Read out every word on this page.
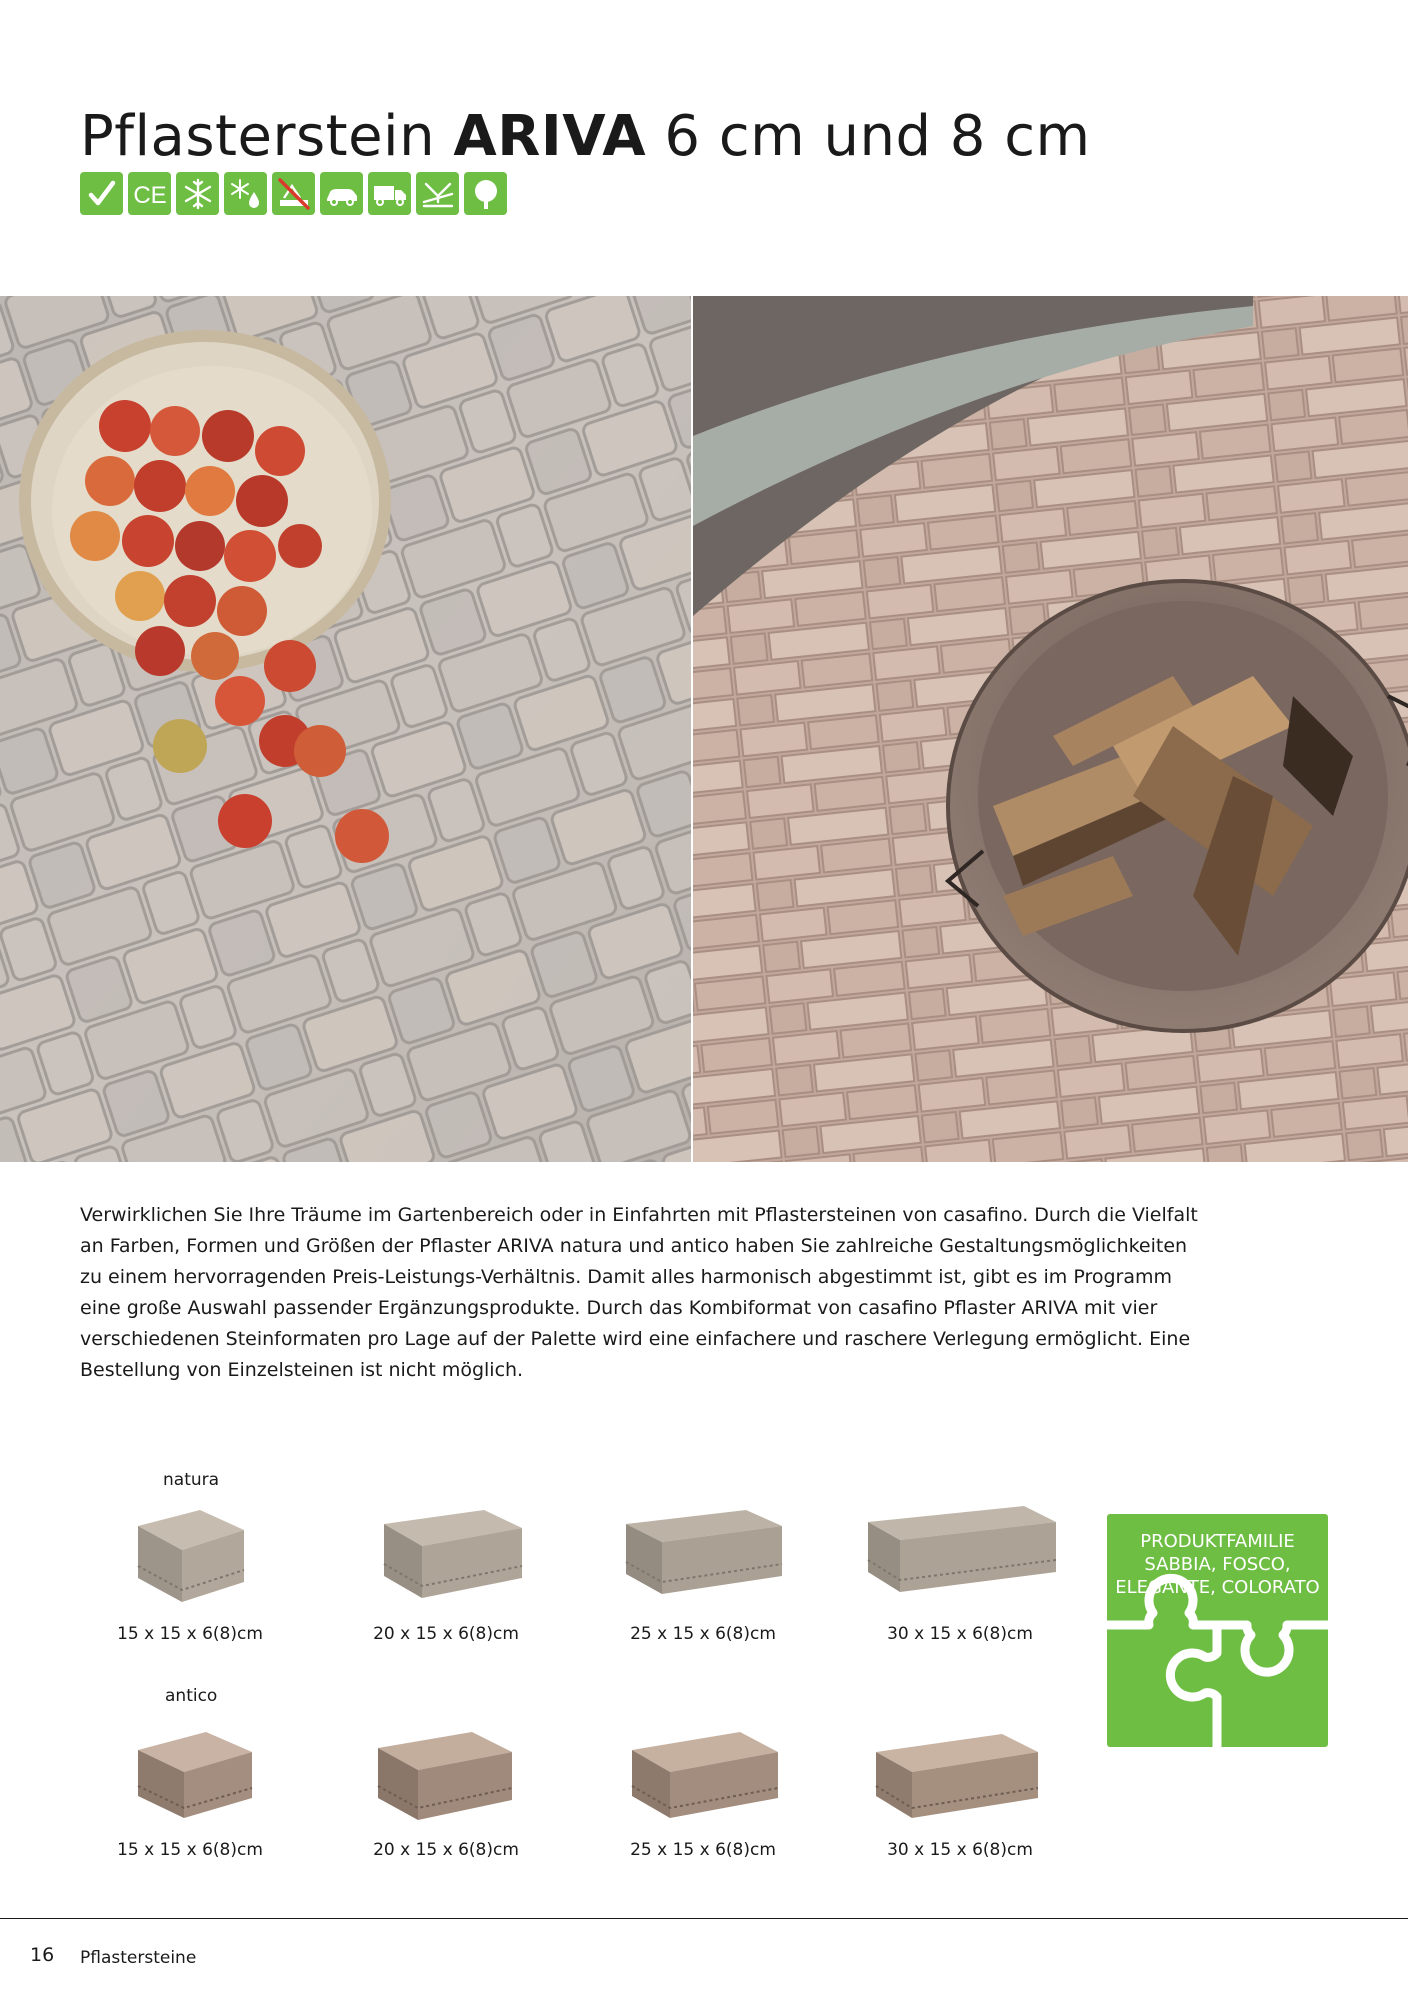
Pflasterstein ARIVA 6 cm und 8 cm
CE

Verwirklichen Sie Ihre Träume im Gartenbereich oder in Einfahrten mit Pflastersteinen von casafino. Durch die Vielfalt an Farben, Formen und Größen der Pflaster ARIVA natura und antico haben Sie zahlreiche Gestaltungsmöglichkeiten zu einem hervorragenden Preis-Leistungs-Verhältnis. Damit alles harmonisch abgestimmt ist, gibt es im Programm eine große Auswahl passender Ergänzungsprodukte. Durch das Kombiformat von casafino Pflaster ARIVA mit vier verschiedenen Steinformaten pro Lage auf der Palette wird eine einfachere und raschere Verlegung ermöglicht. Eine Bestellung von Einzelsteinen ist nicht möglich.

natura
15 x 15 x 6(8)cm	20 x 15 x 6(8)cm	25 x 15 x 6(8)cm	30 x 15 x 6(8)cm
antico
15 x 15 x 6(8)cm	20 x 15 x 6(8)cm	25 x 15 x 6(8)cm	30 x 15 x 6(8)cm
PRODUKTFAMILIE
SABBIA, FOSCO,
ELEGANTE, COLORATO
16 Pflastersteine
